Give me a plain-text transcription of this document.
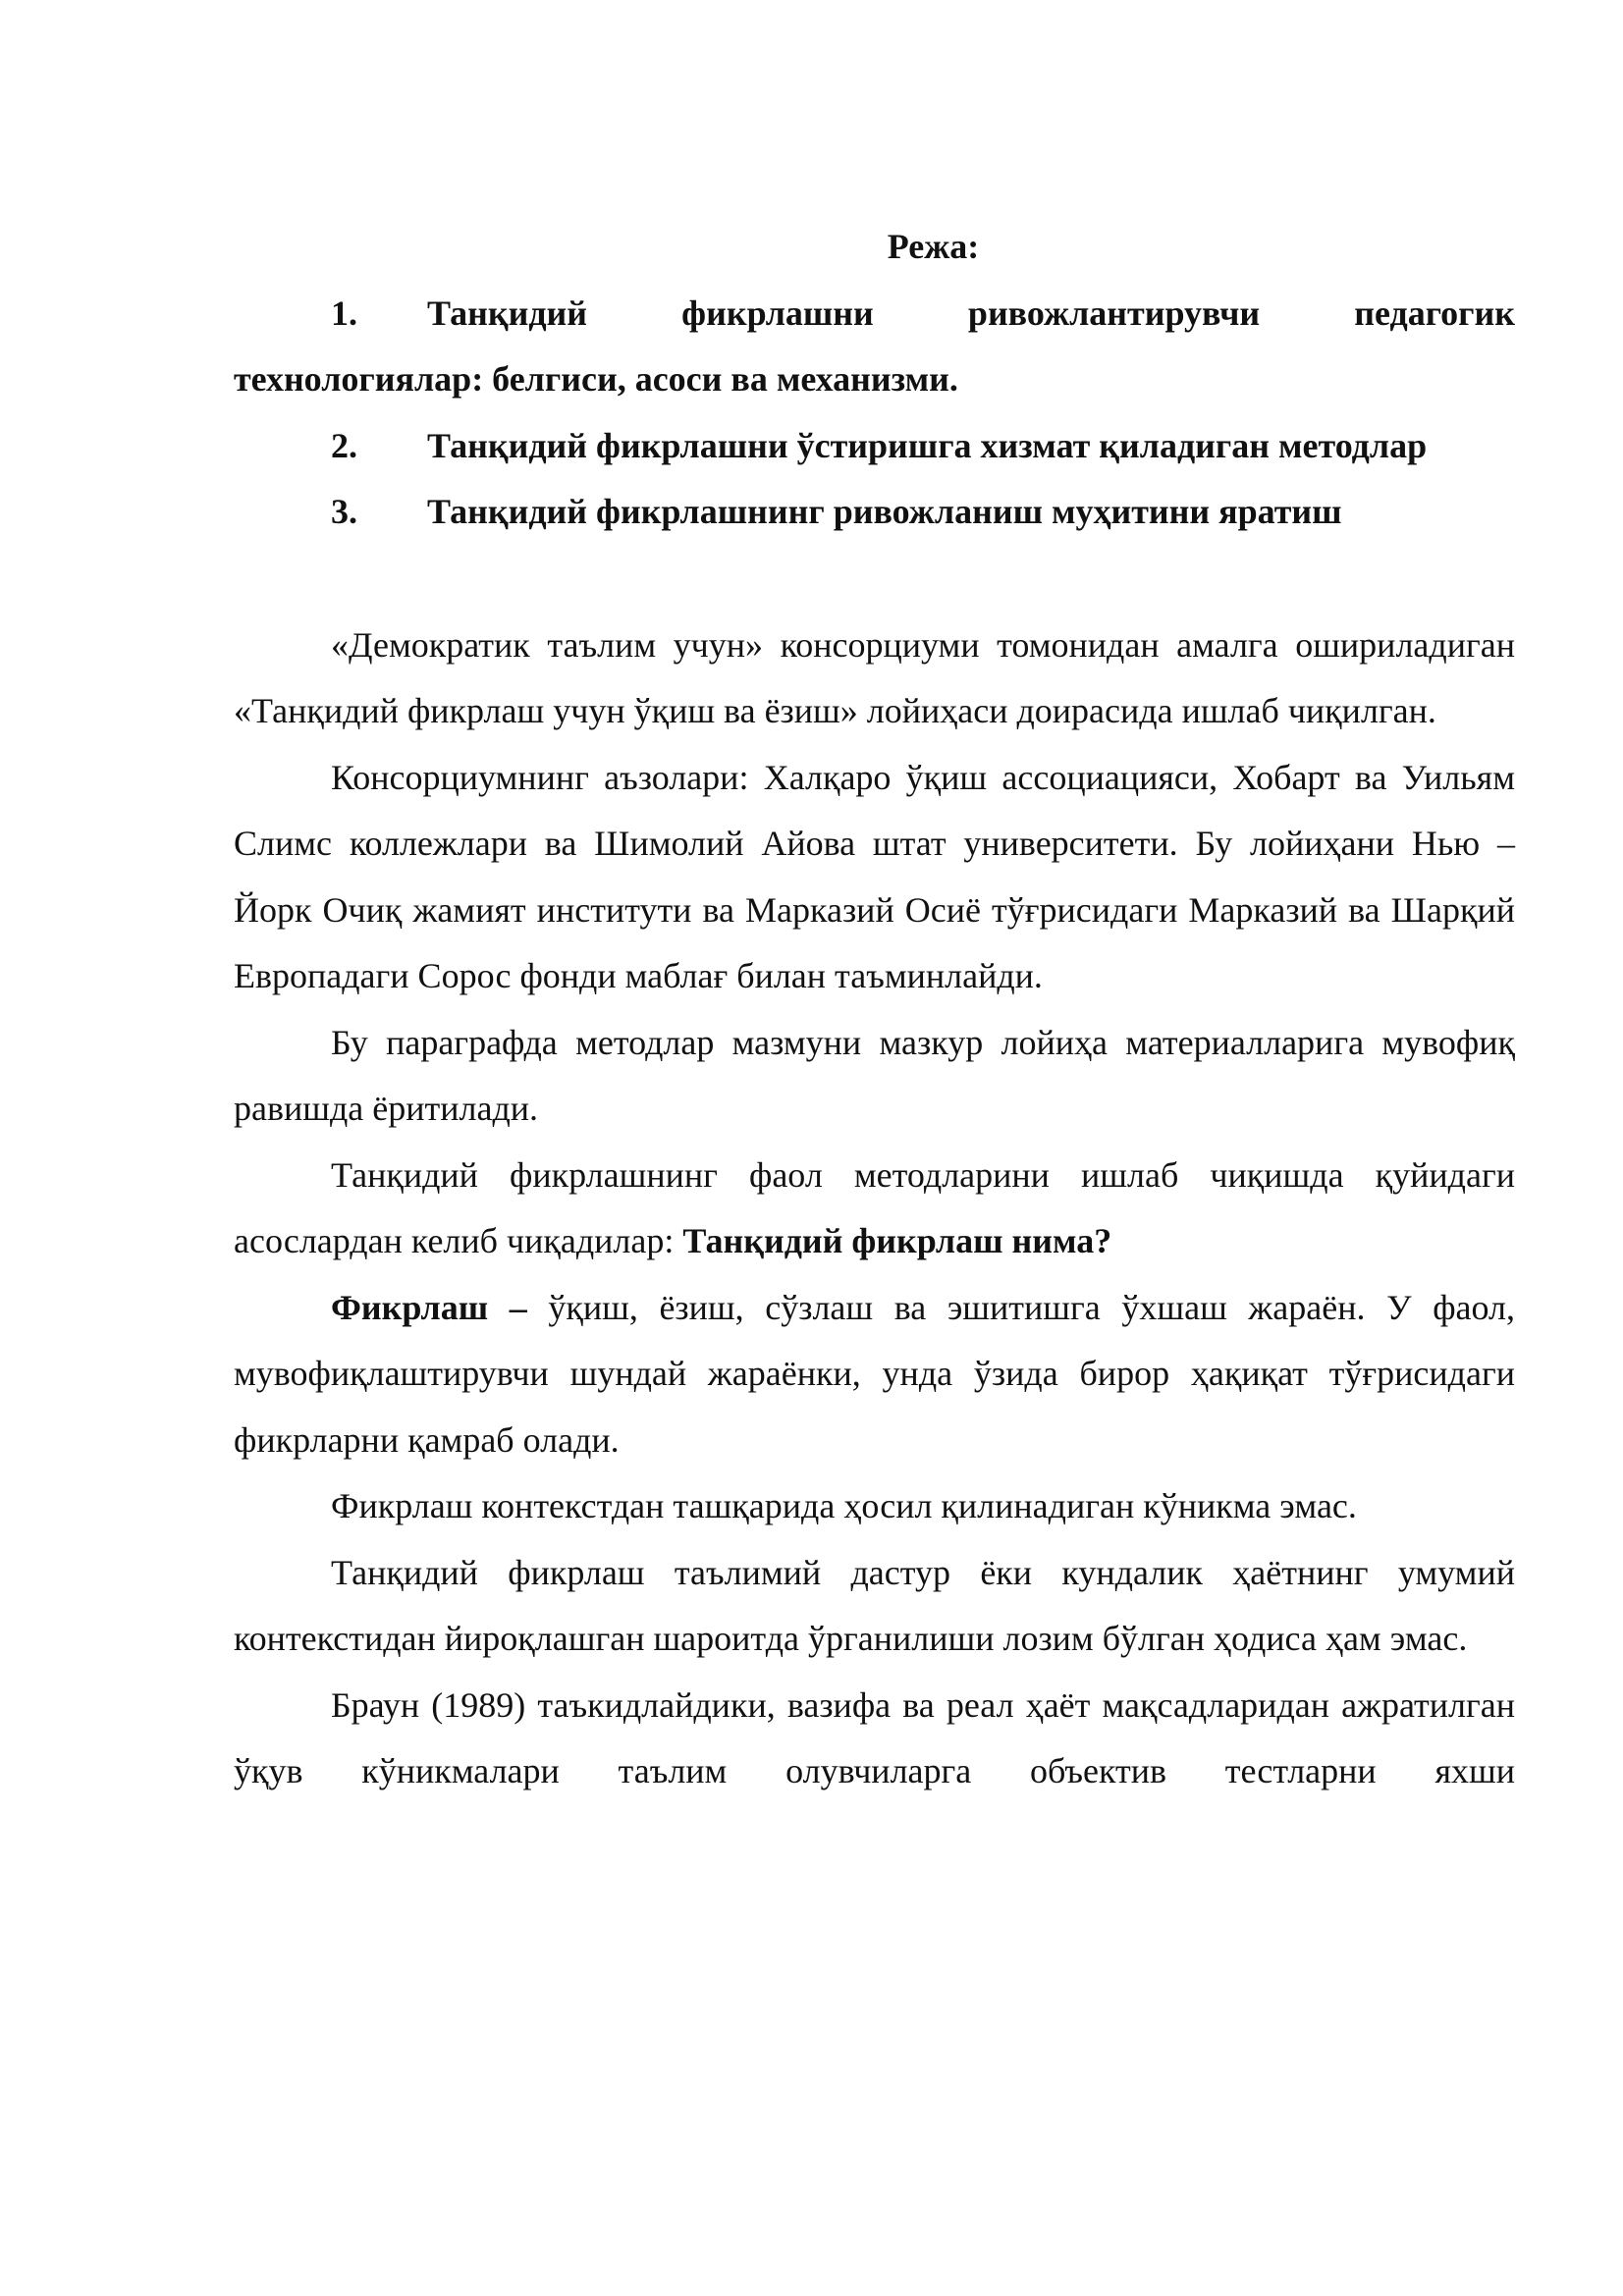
Режа:

1. Танқидий фикрлашни ривожлантирувчи педагогик технологиялар: белгиси, асоси ва механизми.

2. Танқидий фикрлашни ўстиришга хизмат қиладиган методлар

3. Танқидий фикрлашнинг ривожланиш муҳитини яратиш

«Демократик таълим учун» консорциуми томонидан амалга ошириладиган «Танқидий фикрлаш учун ўқиш ва ёзиш» лойиҳаси доирасида ишлаб чиқилган.

Консорциумнинг аъзолари: Халқаро ўқиш ассоциацияси, Хобарт ва Уильям Слимс коллежлари ва Шимолий Айова штат университети. Бу лойиҳани Нью – Йорк Очиқ жамият институти ва Марказий Осиё тўғрисидаги Марказий ва Шарқий Европадаги Сорос фонди маблағ билан таъминлайди.

Бу параграфда методлар мазмуни мазкур лойиҳа материалларига мувофиқ равишда ёритилади.

Танқидий фикрлашнинг фаол методларини ишлаб чиқишда қуйидаги асослардан келиб чиқадилар: Танқидий фикрлаш нима?

Фикрлаш – ўқиш, ёзиш, сўзлаш ва эшитишга ўхшаш жараён. У фаол, мувофиқлаштирувчи шундай жараёнки, унда ўзида бирор ҳақиқат тўғрисидаги фикрларни қамраб олади.

Фикрлаш контекстдан ташқарида ҳосил қилинадиган кўникма эмас.

Танқидий фикрлаш таълимий дастур ёки кундалик ҳаётнинг умумий контекстидан йироқлашган шароитда ўрганилиши лозим бўлган ҳодиса ҳам эмас.

Браун (1989) таъкидлайдики, вазифа ва реал ҳаёт мақсадларидан ажратилган ўқув кўникмалари таълим олувчиларга объектив тестларни яхши
